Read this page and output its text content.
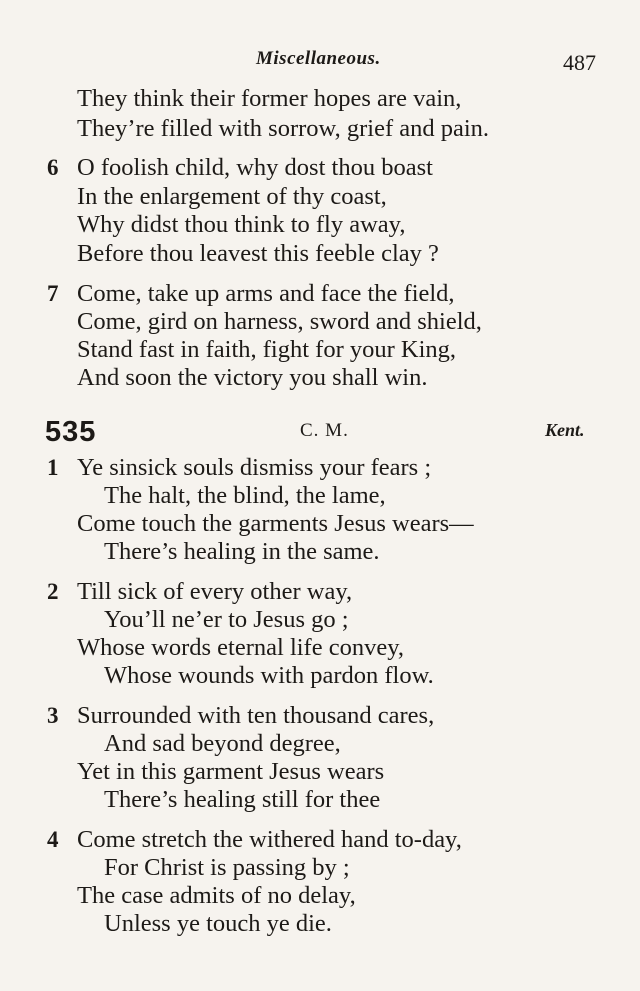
Miscellaneous.	487
They think their former hopes are vain,
They’re filled with sorrow, grief and pain.
6 O foolish child, why dost thou boast
In the enlargement of thy coast,
Why didst thou think to fly away,
Before thou leavest this feeble clay ?
7 Come, take up arms and face the field,
Come, gird on harness, sword and shield,
Stand fast in faith, fight for your King,
And soon the victory you shall win.
535	C. M.	Kent.
1 Ye sinsick souls dismiss your fears ;
The halt, the blind, the lame,
Come touch the garments Jesus wears—
There’s healing in the same.
2 Till sick of every other way,
You’ll ne’er to Jesus go ;
Whose words eternal life convey,
Whose wounds with pardon flow.
3 Surrounded with ten thousand cares,
And sad beyond degree,
Yet in this garment Jesus wears
There’s healing still for thee
4 Come stretch the withered hand to-day,
For Christ is passing by ;
The case admits of no delay,
Unless ye touch ye die.
